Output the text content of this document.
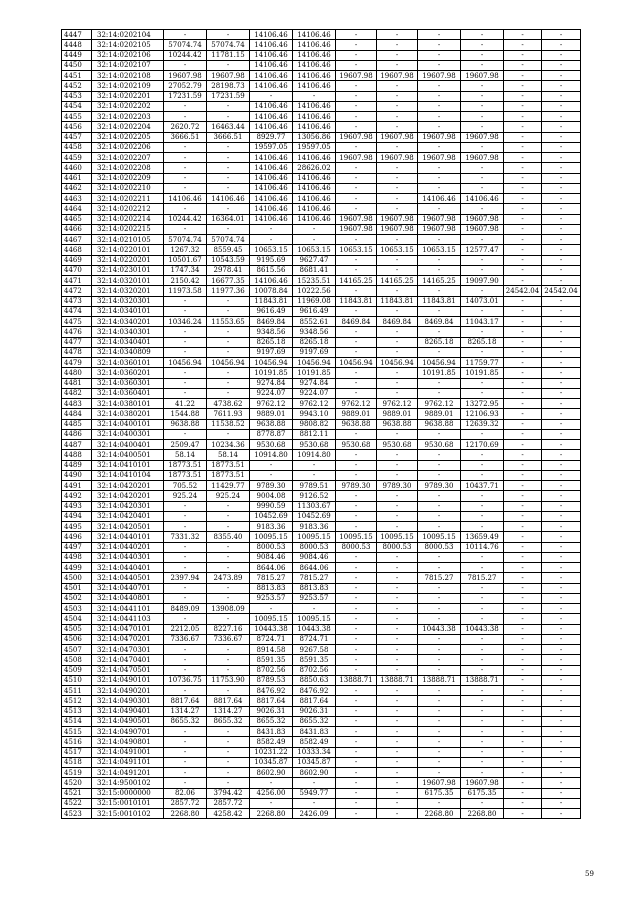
4447	32:14:0202104	-	-	14106.46	14106.46	-	-	-	-	-	-
4448	32:14:0202105	57074.74	57074.74	14106.46	14106.46	-	-	-	-	-	-
4449	32:14:0202106	10244.42	11781.15	14106.46	14106.46	-	-	-	-	-	-
4450	32:14:0202107	-	-	14106.46	14106.46	-	-	-	-	-	-
4451	32:14:0202108	19607.98	19607.98	14106.46	14106.46	19607.98	19607.98	19607.98	19607.98	-	-
4452	32:14:0202109	27052.79	28198.73	14106.46	14106.46	-	-	-	-	-	-
4453	32:14:0202201	17231.59	17231.59	-	-	-	-	-	-	-	-
4454	32:14:0202202	-	-	14106.46	14106.46	-	-	-	-	-	-
4455	32:14:0202203	-	-	14106.46	14106.46	-	-	-	-	-	-
4456	32:14:0202204	2620.72	16463.44	14106.46	14106.46	-	-	-	-	-	-
4457	32:14:0202205	3666.51	3666.51	8929.77	13056.86	19607.98	19607.98	19607.98	19607.98	-	-
4458	32:14:0202206	-	-	19597.05	19597.05	-	-	-	-	-	-
4459	32:14:0202207	-	-	14106.46	14106.46	19607.98	19607.98	19607.98	19607.98	-	-
4460	32:14:0202208	-	-	14106.46	28626.02	-	-	-	-	-	-
4461	32:14:0202209	-	-	14106.46	14106.46	-	-	-	-	-	-
4462	32:14:0202210	-	-	14106.46	14106.46	-	-	-	-	-	-
4463	32:14:0202211	14106.46	14106.46	14106.46	14106.46	-	-	14106.46	14106.46	-	-
4464	32:14:0202212	-	-	14106.46	14106.46	-	-	-	-	-	-
4465	32:14:0202214	10244.42	16364.01	14106.46	14106.46	19607.98	19607.98	19607.98	19607.98	-	-
4466	32:14:0202215	-	-	-	-	19607.98	19607.98	19607.98	19607.98	-	-
4467	32:14:0210105	57074.74	57074.74	-	-	-	-	-	-	-	-
4468	32:14:0220101	1267.32	8559.45	10653.15	10653.15	10653.15	10653.15	10653.15	12577.47	-	-
4469	32:14:0220201	10501.67	10543.59	9195.69	9627.47	-	-	-	-	-	-
4470	32:14:0230101	1747.34	2978.41	8615.56	8681.41	-	-	-	-	-	-
4471	32:14:0320101	2150.42	16677.35	14106.46	15235.51	14165.25	14165.25	14165.25	19097.90	-	-
4472	32:14:0320201	11973.58	11977.36	10078.84	10222.56	-	-	-	-	24542.04	24542.04
4473	32:14:0320301	-	-	11843.81	11969.08	11843.81	11843.81	11843.81	14073.01	-	-
4474	32:14:0340101	-	-	9616.49	9616.49	-	-	-	-	-	-
4475	32:14:0340201	10346.24	11553.65	8469.84	8552.61	8469.84	8469.84	8469.84	11043.17	-	-
4476	32:14:0340301	-	-	9348.56	9348.56	-	-	-	-	-	-
4477	32:14:0340401	-	-	8265.18	8265.18	-	-	8265.18	8265.18	-	-
4478	32:14:0340809	-	-	9197.69	9197.69	-	-	-	-	-	-
4479	32:14:0360101	10456.94	10456.94	10456.94	10456.94	10456.94	10456.94	10456.94	11759.77	-	-
4480	32:14:0360201	-	-	10191.85	10191.85	-	-	10191.85	10191.85	-	-
4481	32:14:0360301	-	-	9274.84	9274.84	-	-	-	-	-	-
4482	32:14:0360401	-	-	9224.07	9224.07	-	-	-	-	-	-
4483	32:14:0380101	41.22	4738.62	9762.12	9762.12	9762.12	9762.12	9762.12	13272.95	-	-
4484	32:14:0380201	1544.88	7611.93	9889.01	9943.10	9889.01	9889.01	9889.01	12106.93	-	-
4485	32:14:0400101	9638.88	11538.52	9638.88	9808.82	9638.88	9638.88	9638.88	12639.32	-	-
4486	32:14:0400301	-	-	8778.87	8812.11	-	-	-	-	-	-
4487	32:14:0400401	2509.47	10234.36	9530.68	9530.68	9530.68	9530.68	9530.68	12170.69	-	-
4488	32:14:0400501	58.14	58.14	10914.80	10914.80	-	-	-	-	-	-
4489	32:14:0410101	18773.51	18773.51	-	-	-	-	-	-	-	-
4490	32:14:0410104	18773.51	18773.51	-	-	-	-	-	-	-	-
4491	32:14:0420201	705.52	11429.77	9789.30	9789.51	9789.30	9789.30	9789.30	10437.71	-	-
4492	32:14:0420201	925.24	925.24	9004.08	9126.52	-	-	-	-	-	-
4493	32:14:0420301	-	-	9990.59	11303.67	-	-	-	-	-	-
4494	32:14:0420401	-	-	10452.69	10452.69	-	-	-	-	-	-
4495	32:14:0420501	-	-	9183.36	9183.36	-	-	-	-	-	-
4496	32:14:0440101	7331.32	8355.40	10095.15	10095.15	10095.15	10095.15	10095.15	13659.49	-	-
4497	32:14:0440201	-	-	8000.53	8000.53	8000.53	8000.53	8000.53	10114.76	-	-
4498	32:14:0440301	-	-	9084.46	9084.46	-	-	-	-	-	-
4499	32:14:0440401	-	-	8644.06	8644.06	-	-	-	-	-	-
4500	32:14:0440501	2397.94	2473.89	7815.27	7815.27	-	-	7815.27	7815.27	-	-
4501	32:14:0440701	-	-	8813.83	8813.83	-	-	-	-	-	-
4502	32:14:0440801	-	-	9253.57	9253.57	-	-	-	-	-	-
4503	32:14:0441101	8489.09	13908.09	-	-	-	-	-	-	-	-
4504	32:14:0441103	-	-	10095.15	10095.15	-	-	-	-	-	-
4505	32:14:0470101	2212.05	8227.16	10443.38	10443.38	-	-	10443.38	10443.38	-	-
4506	32:14:0470201	7336.67	7336.67	8724.71	8724.71	-	-	-	-	-	-
4507	32:14:0470301	-	-	8914.58	9267.58	-	-	-	-	-	-
4508	32:14:0470401	-	-	8591.35	8591.35	-	-	-	-	-	-
4509	32:14:0470501	-	-	8702.56	8702.56	-	-	-	-	-	-
4510	32:14:0490101	10736.75	11753.90	8789.53	8850.63	13888.71	13888.71	13888.71	13888.71	-	-
4511	32:14:0490201	-	-	8476.92	8476.92	-	-	-	-	-	-
4512	32:14:0490301	8817.64	8817.64	8817.64	8817.64	-	-	-	-	-	-
4513	32:14:0490401	1314.27	1314.27	9026.31	9026.31	-	-	-	-	-	-
4514	32:14:0490501	8655.32	8655.32	8655.32	8655.32	-	-	-	-	-	-
4515	32:14:0490701	-	-	8431.83	8431.83	-	-	-	-	-	-
4516	32:14:0490801	-	-	8582.49	8582.49	-	-	-	-	-	-
4517	32:14:0491001	-	-	10231.22	10333.34	-	-	-	-	-	-
4518	32:14:0491101	-	-	10345.87	10345.87	-	-	-	-	-	-
4519	32:14:0491201	-	-	8602.90	8602.90	-	-	-	-	-	-
4520	32:14:9500102	-	-	-	-	-	-	19607.98	19607.98	-	-
4521	32:15:0000000	82.06	3794.42	4256.00	5949.77	-	-	6175.35	6175.35	-	-
4522	32:15:0010101	2857.72	2857.72	-	-	-	-	-	-	-	-
4523	32:15:0010102	2268.80	4258.42	2268.80	2426.09	-	-	2268.80	2268.80	-	-
59
